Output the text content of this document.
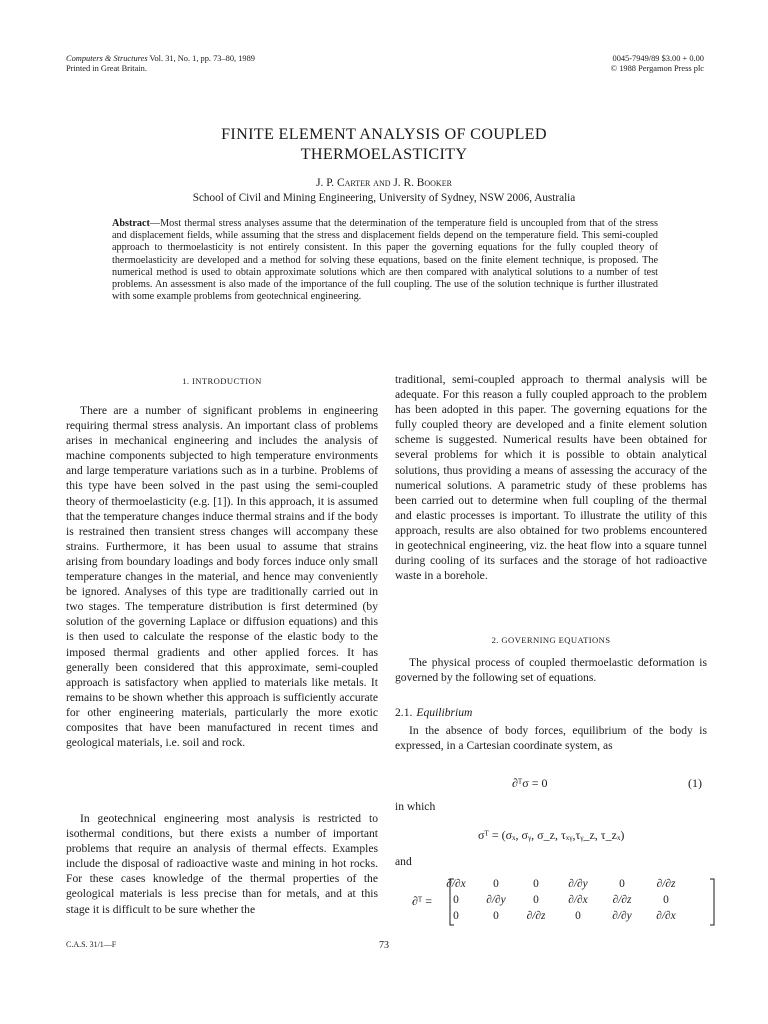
Computers & Structures Vol. 31, No. 1, pp. 73–80, 1989
Printed in Great Britain.
0045-7949/89 $3.00 + 0.00
© 1988 Pergamon Press plc
FINITE ELEMENT ANALYSIS OF COUPLED
THERMOELASTICITY
J. P. Carter and J. R. Booker
School of Civil and Mining Engineering, University of Sydney, NSW 2006, Australia
Abstract—Most thermal stress analyses assume that the determination of the temperature field is uncoupled from that of the stress and displacement fields, while assuming that the stress and displacement fields depend on the temperature field. This semi-coupled approach to thermoelasticity is not entirely consistent. In this paper the governing equations for the fully coupled theory of thermoelasticity are developed and a method for solving these equations, based on the finite element technique, is proposed. The numerical method is used to obtain approximate solutions which are then compared with analytical solutions to a number of test problems. An assessment is also made of the importance of the full coupling. The use of the solution technique is further illustrated with some example problems from geotechnical engineering.
1. INTRODUCTION
There are a number of significant problems in engineering requiring thermal stress analysis. An important class of problems arises in mechanical engineering and includes the analysis of machine components subjected to high temperature environments and large temperature variations such as in a turbine. Problems of this type have been solved in the past using the semi-coupled theory of thermoelasticity (e.g. [1]). In this approach, it is assumed that the temperature changes induce thermal strains and if the body is restrained then transient stress changes will accompany these strains. Furthermore, it has been usual to assume that strains arising from boundary loadings and body forces induce only small temperature changes in the material, and hence may conveniently be ignored. Analyses of this type are traditionally carried out in two stages. The temperature distribution is first determined (by solution of the governing Laplace or diffusion equations) and this is then used to calculate the response of the elastic body to the imposed thermal gradients and other applied forces. It has generally been considered that this approximate, semi-coupled approach is satisfactory when applied to materials like metals. It remains to be shown whether this approach is sufficiently accurate for other engineering materials, particularly the more exotic composites that have been manufactured in recent times and geological materials, i.e. soil and rock.
In geotechnical engineering most analysis is restricted to isothermal conditions, but there exists a number of important problems that require an analysis of thermal effects. Examples include the disposal of radioactive waste and mining in hot rocks. For these cases knowledge of the thermal properties of the geological materials is less precise than for metals, and at this stage it is difficult to be sure whether the
traditional, semi-coupled approach to thermal analysis will be adequate. For this reason a fully coupled approach to the problem has been adopted in this paper. The governing equations for the fully coupled theory are developed and a finite element solution scheme is suggested. Numerical results have been obtained for several problems for which it is possible to obtain analytical solutions, thus providing a means of assessing the accuracy of the numerical solutions. A parametric study of these problems has been carried out to determine when full coupling of the thermal and elastic processes is important. To illustrate the utility of this approach, results are also obtained for two problems encountered in geotechnical engineering, viz. the heat flow into a square tunnel during cooling of its surfaces and the storage of hot radioactive waste in a borehole.
2. GOVERNING EQUATIONS
The physical process of coupled thermoelastic deformation is governed by the following set of equations.
2.1. Equilibrium
In the absence of body forces, equilibrium of the body is expressed, in a Cartesian coordinate system, as
∂ᵀσ = 0	(1)
in which
σᵀ = (σₓ, σᵧ, σ_z, τₓᵧ,τᵧ_z, τ_zₓ)
and
∂ᵀ =
∂/∂x	0	0	∂/∂y	0	∂/∂z
0	∂/∂y	0	∂/∂x	∂/∂z	0
0	0	∂/∂z	0	∂/∂y	∂/∂x
C.A.S. 31/1—F	73
